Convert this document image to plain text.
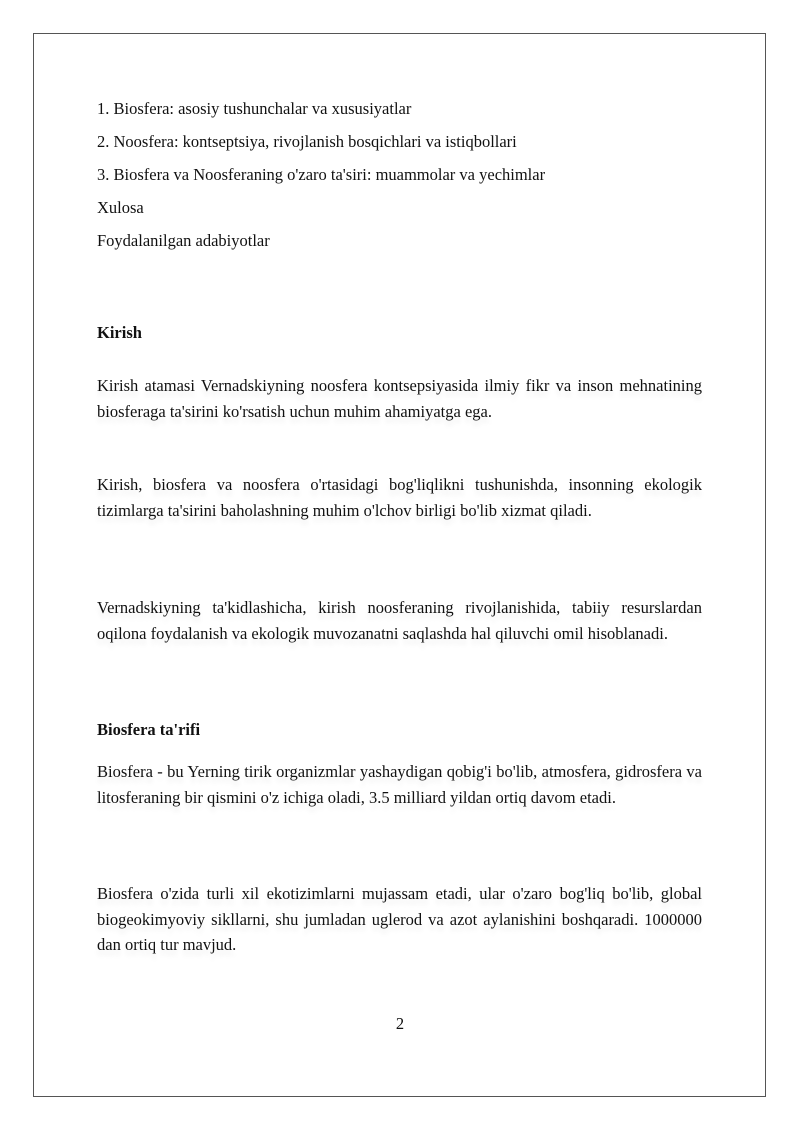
1. Biosfera: asosiy tushunchalar va xususiyatlar

2. Noosfera: kontseptsiya, rivojlanish bosqichlari va istiqbollari

3. Biosfera va Noosferaning o'zaro ta'siri: muammolar va yechimlar

Xulosa

Foydalanilgan adabiyotlar

Kirish

Kirish atamasi Vernadskiyning noosfera kontsepsiyasida ilmiy fikr va inson mehnatining biosferaga ta'sirini ko'rsatish uchun muhim ahamiyatga ega.

Kirish, biosfera va noosfera o'rtasidagi bog'liqlikni tushunishda, insonning ekologik tizimlarga ta'sirini baholashning muhim o'lchov birligi bo'lib xizmat qiladi.

Vernadskiyning ta'kidlashicha, kirish noosferaning rivojlanishida, tabiiy resurslardan oqilona foydalanish va ekologik muvozanatni saqlashda hal qiluvchi omil hisoblanadi.

Biosfera ta'rifi

Biosfera - bu Yerning tirik organizmlar yashaydigan qobig'i bo'lib, atmosfera, gidrosfera va litosferaning bir qismini o'z ichiga oladi, 3.5 milliard yildan ortiq davom etadi.

Biosfera o'zida turli xil ekotizimlarni mujassam etadi, ular o'zaro bog'liq bo'lib, global biogeokimyoviy sikllarni, shu jumladan uglerod va azot aylanishini boshqaradi. 1000000 dan ortiq tur mavjud.

2
